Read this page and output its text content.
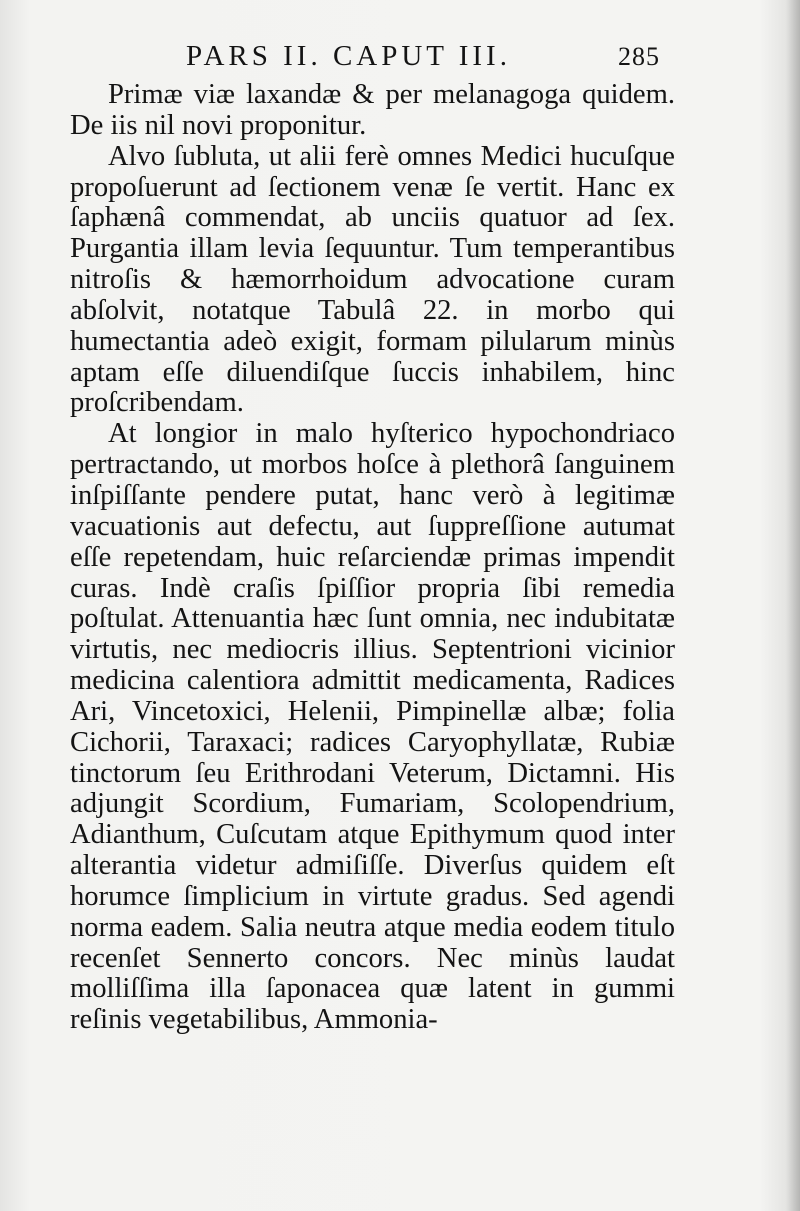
PARS II. CAPUT III.	285

Primæ viæ laxandæ & per melanagoga quidem. De iis nil novi proponitur.

Alvo ſubluta, ut alii ferè omnes Medici hucuſque propoſuerunt ad ſectionem venæ ſe vertit. Hanc ex ſaphænâ commendat, ab unciis quatuor ad ſex. Purgantia illam levia ſequuntur. Tum temperantibus nitroſis & hæmorrhoidum advocatione curam abſolvit, notatque Tabulâ 22. in morbo qui humectantia adeò exigit, formam pilularum minùs aptam eſſe diluendiſque ſuccis inhabilem, hinc proſcribendam.

At longior in malo hyſterico hypochondriaco pertractando, ut morbos hoſce à plethorâ ſanguinem inſpiſſante pendere putat, hanc verò à legitimæ vacuationis aut defectu, aut ſuppreſſione autumat eſſe repetendam, huic reſarciendæ primas impendit curas. Indè craſis ſpiſſior propria ſibi remedia poſtulat. Attenuantia hæc ſunt omnia, nec indubitatæ virtutis, nec mediocris illius. Septentrioni vicinior medicina calentiora admittit medicamenta, Radices Ari, Vincetoxici, Helenii, Pimpinellæ albæ; folia Cichorii, Taraxaci; radices Caryophyllatæ, Rubiæ tinctorum ſeu Erithrodani Veterum, Dictamni. His adjungit Scordium, Fumariam, Scolopendrium, Adianthum, Cuſcutam atque Epithymum quod inter alterantia videtur admiſiſſe. Diverſus quidem eſt horumce ſimplicium in virtute gradus. Sed agendi norma eadem. Salia neutra atque media eodem titulo recenſet Sennerto concors. Nec minùs laudat molliſſima illa ſaponacea quæ latent in gummi reſinis vegetabilibus, Ammonia-
